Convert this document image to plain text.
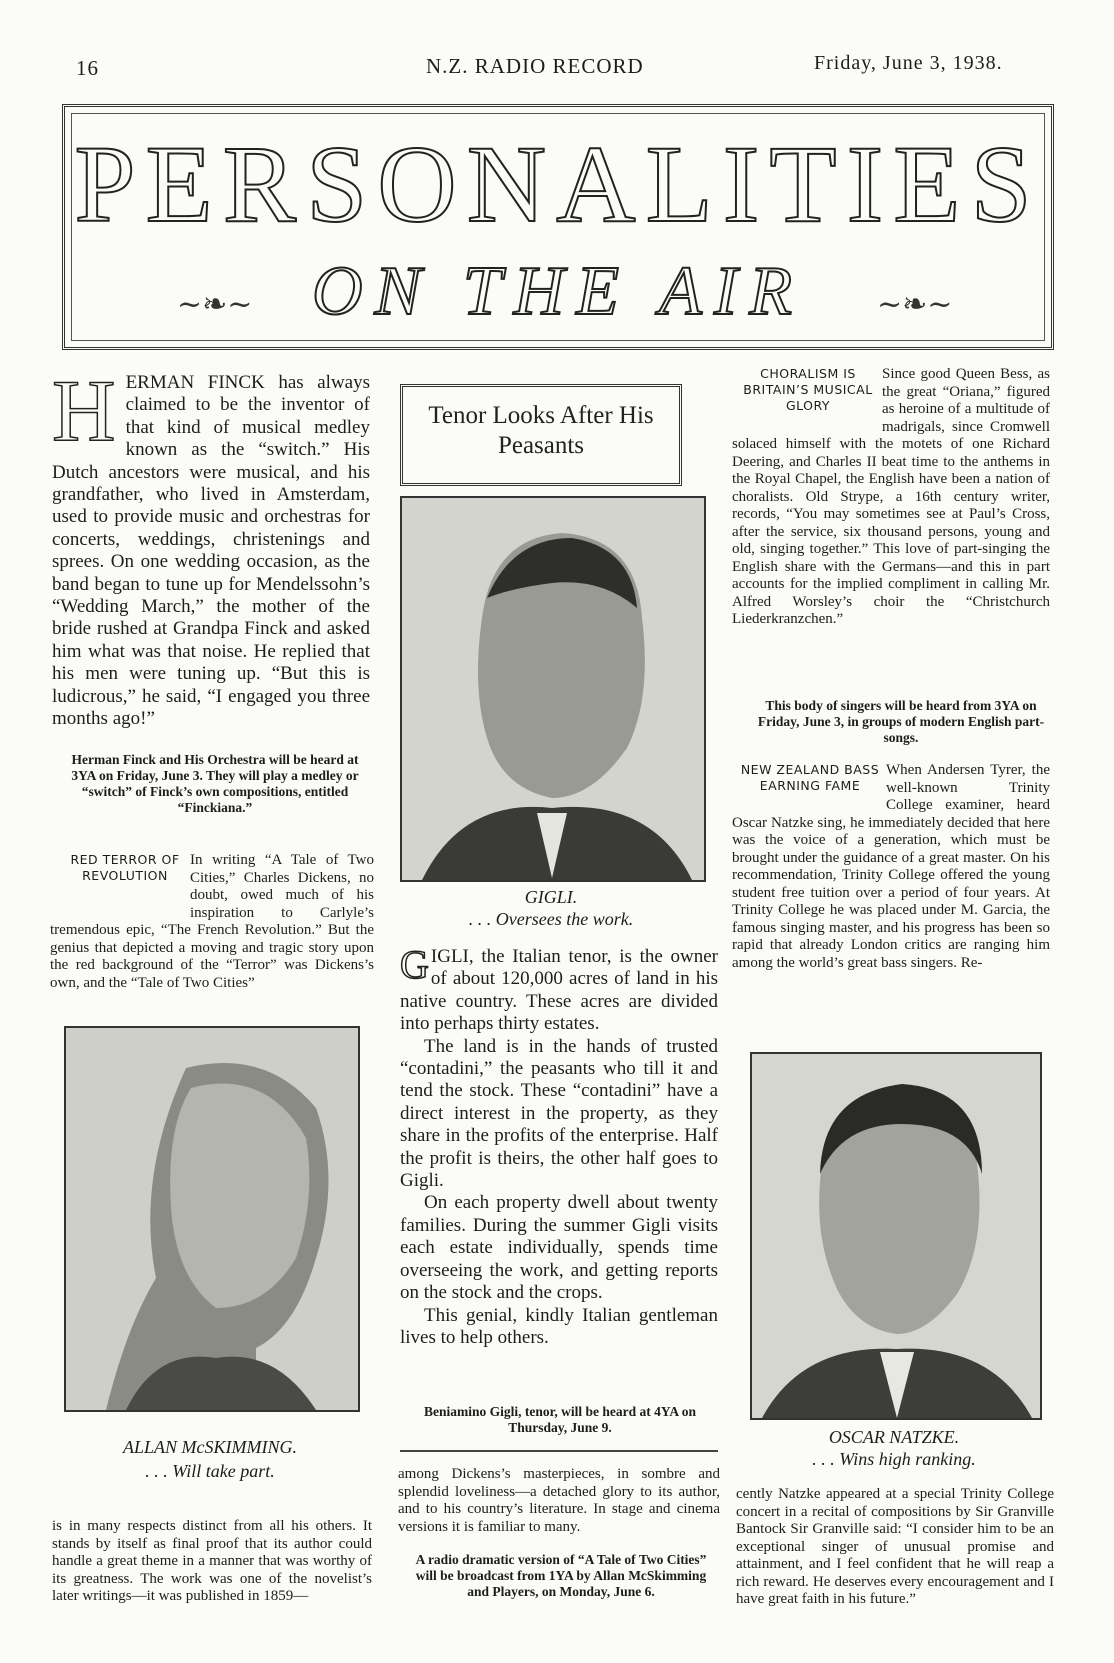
16	N.Z. RADIO RECORD	Friday, June 3, 1938.
PERSONALITIES
ON THE AIR
~❧~	~❧~
H ERMAN FINCK has always claimed to be the inventor of that kind of musical medley known as the “switch.” His Dutch ancestors were musical, and his grandfather, who lived in Amsterdam, used to provide music and orchestras for concerts, weddings, christenings and sprees. On one wedding occasion, as the band began to tune up for Mendelssohn’s “Wedding March,” the mother of the bride rushed at Grandpa Finck and asked him what was that noise. He replied that his men were tuning up. “But this is ludicrous,” he said, “I engaged you three months ago!”

Herman Finck and His Orchestra will be heard at 3YA on Friday, June 3. They will play a medley or “switch” of Finck’s own compositions, entitled “Finckiana.”

RED TERROR OF REVOLUTION

In writing “A Tale of Two Cities,” Charles Dickens, no doubt, owed much of his inspiration to Carlyle’s tremendous epic, “The French Revolution.” But the genius that depicted a moving and tragic story upon the red background of the “Terror” was Dickens’s own, and the “Tale of Two Cities”

ALLAN McSKIMMING.
. . . Will take part.

is in many respects distinct from all his others. It stands by itself as final proof that its author could handle a great theme in a manner that was worthy of its greatness. The work was one of the novelist’s later writings—it was published in 1859—

Tenor Looks After His Peasants
GIGLI.
. . . Oversees the work.
G IGLI, the Italian tenor, is the owner of about 120,000 acres of land in his native country. These acres are divided into perhaps thirty estates.

The land is in the hands of trusted “contadini,” the peasants who till it and tend the stock. These “contadini” have a direct interest in the property, as they share in the profits of the enterprise. Half the profit is theirs, the other half goes to Gigli.

On each property dwell about twenty families. During the summer Gigli visits each estate individually, spends time overseeing the work, and getting reports on the stock and the crops.

This genial, kindly Italian gentleman lives to help others.

Beniamino Gigli, tenor, will be heard at 4YA on Thursday, June 9.

among Dickens’s masterpieces, in sombre and splendid loveliness—a detached glory to its author, and to his country’s literature. In stage and cinema versions it is familiar to many.

A radio dramatic version of “A Tale of Two Cities” will be broadcast from 1YA by Allan McSkimming and Players, on Monday, June 6.

CHORALISM IS BRITAIN’S MUSICAL GLORY

Since good Queen Bess, as the great “Oriana,” figured as heroine of a multitude of madrigals, since Cromwell solaced himself with the motets of one Richard Deering, and Charles II beat time to the anthems in the Royal Chapel, the English have been a nation of choralists. Old Strype, a 16th century writer, records, “You may sometimes see at Paul’s Cross, after the service, six thousand persons, young and old, singing together.” This love of part-singing the English share with the Germans—and this in part accounts for the implied compliment in calling Mr. Alfred Worsley’s choir the “Christchurch Liederkranzchen.”

This body of singers will be heard from 3YA on Friday, June 3, in groups of modern English part-songs.

NEW ZEALAND BASS EARNING FAME

When Andersen Tyrer, the well-known Trinity College examiner, heard Oscar Natzke sing, he immediately decided that here was the voice of a generation, which must be brought under the guidance of a great master. On his recommendation, Trinity College offered the young student free tuition over a period of four years. At Trinity College he was placed under M. Garcia, the famous singing master, and his progress has been so rapid that already London critics are ranging him among the world’s great bass singers. Re-

OSCAR NATZKE.
. . . Wins high ranking.

cently Natzke appeared at a special Trinity College concert in a recital of compositions by Sir Granville Bantock Sir Granville said: “I consider him to be an exceptional singer of unusual promise and attainment, and I feel confident that he will reap a rich reward. He deserves every encouragement and I have great faith in his future.”
